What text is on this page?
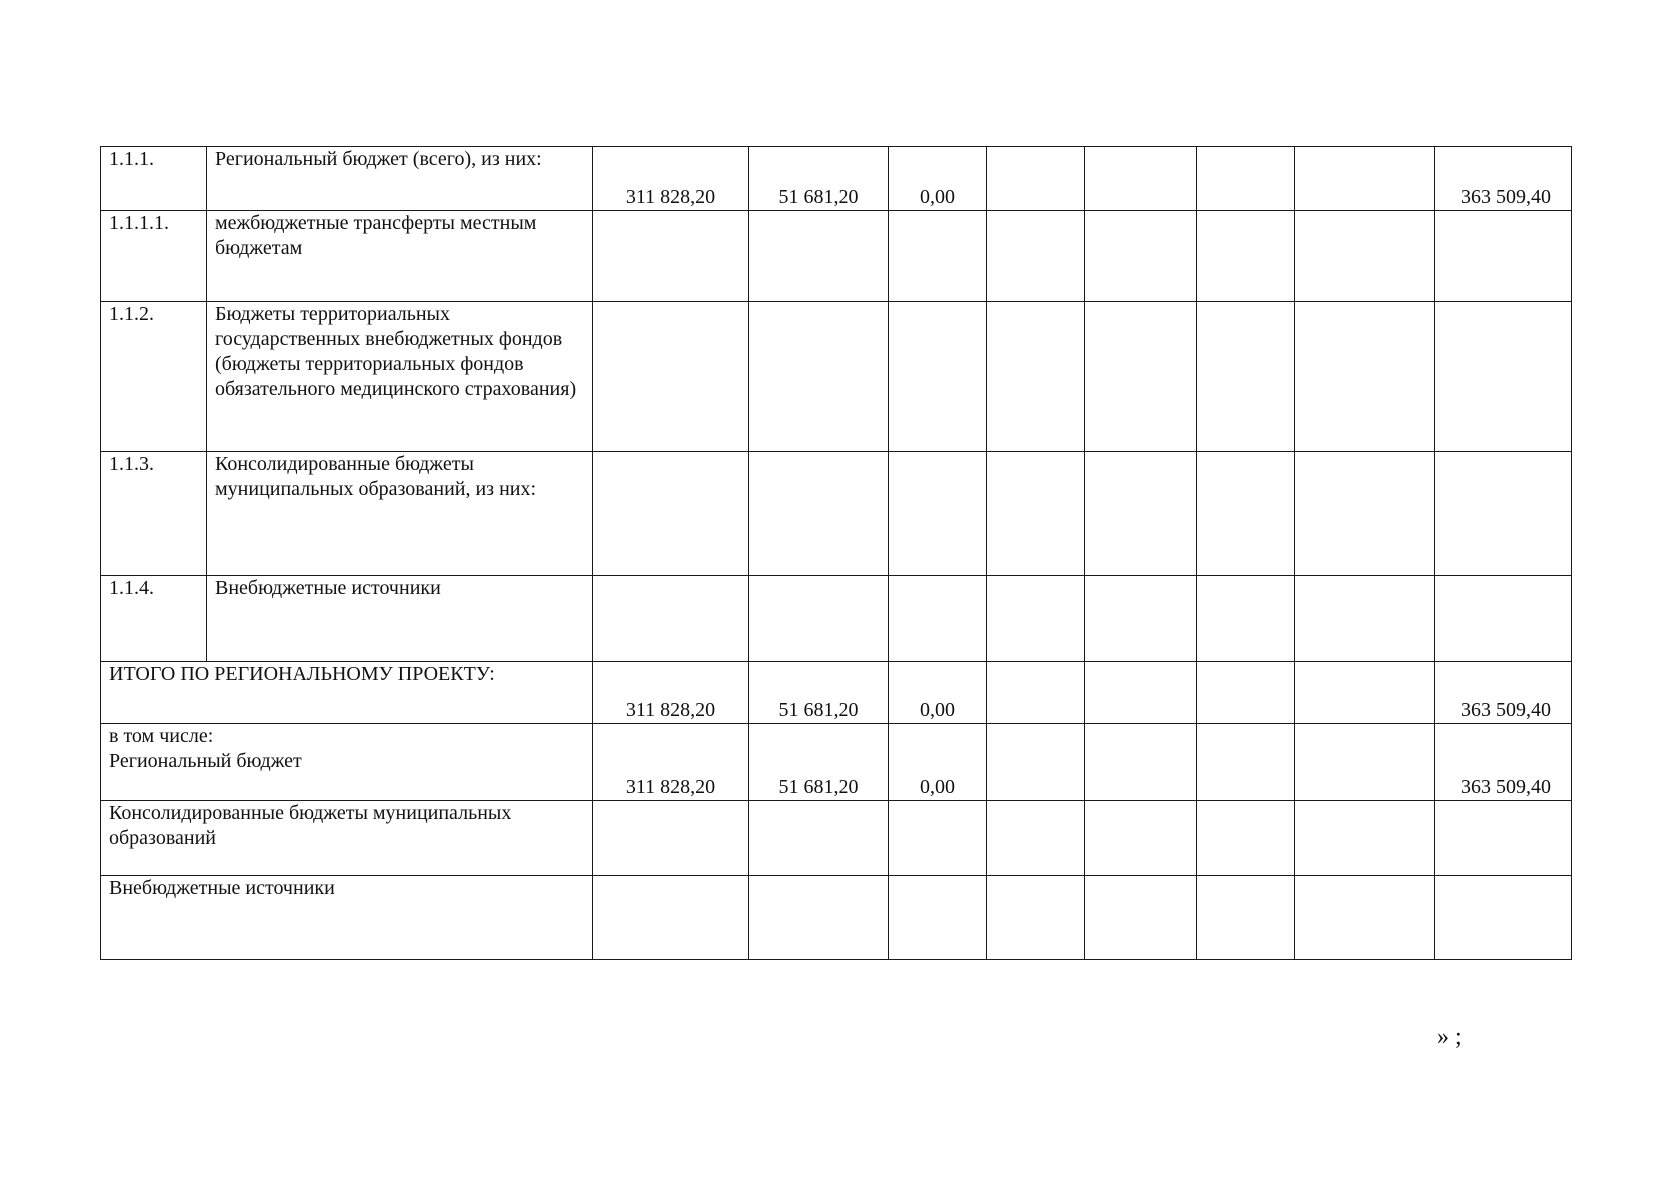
1.1.1.	Региональный бюджет (всего), из них:	311 828,20	51 681,20	0,00					363 509,40
1.1.1.1.	межбюджетные трансферты местным бюджетам								
1.1.2.	Бюджеты территориальных государственных внебюджетных фондов (бюджеты территориальных фондов обязательного медицинского страхования)								
1.1.3.	Консолидированные бюджеты муниципальных образований, из них:								
1.1.4.	Внебюджетные источники								
ИТОГО ПО РЕГИОНАЛЬНОМУ ПРОЕКТУ:		311 828,20	51 681,20	0,00					363 509,40

в том числе:
Региональный бюджет		311 828,20	51 681,20	0,00					363 509,40
Консолидированные бюджеты муниципальных образований									
Внебюджетные источники									
» ;
